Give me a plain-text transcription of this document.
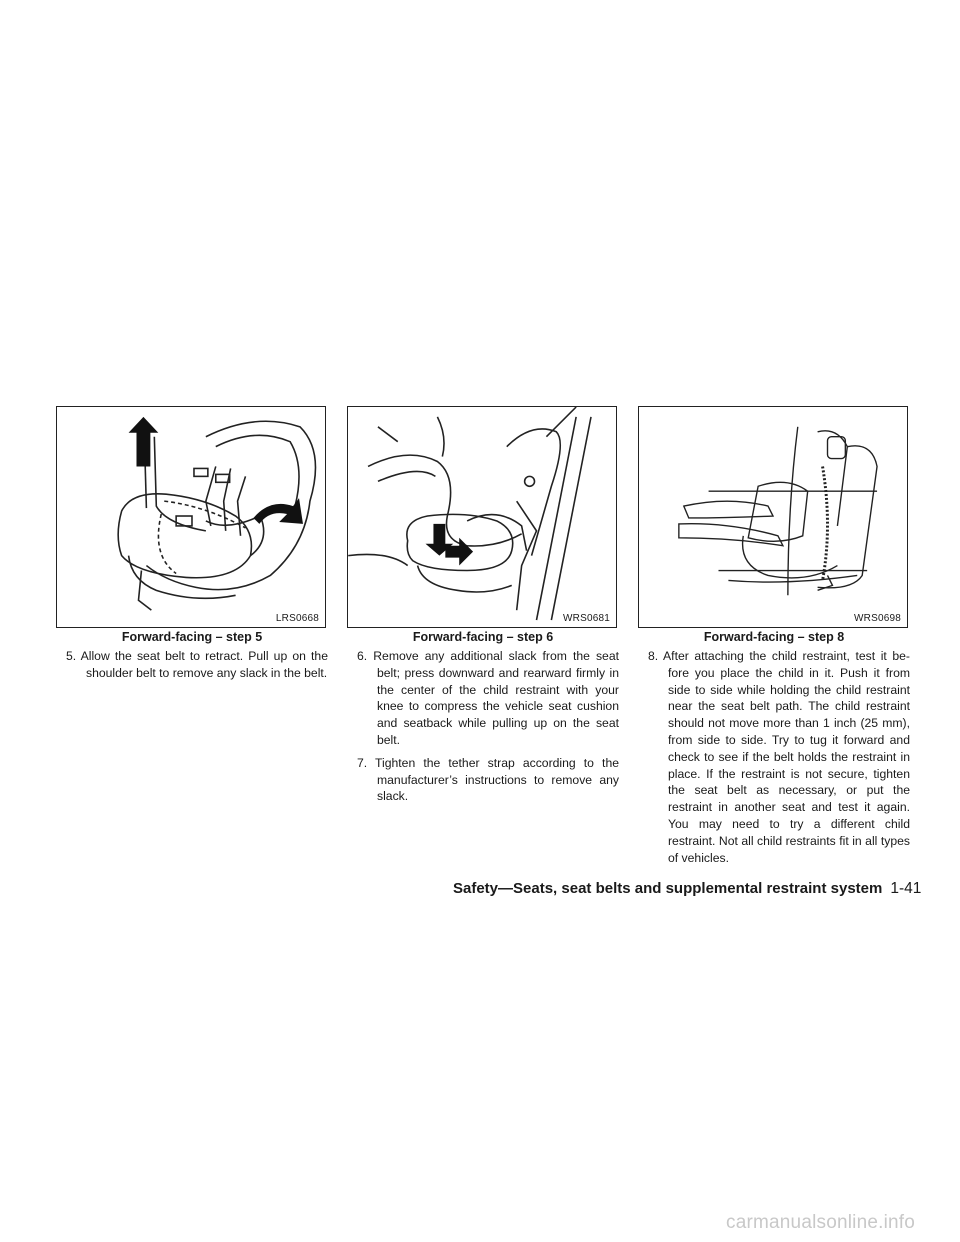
LRS0668
Forward-facing – step 5

5. Allow the seat belt to retract. Pull up on the shoulder belt to remove any slack in the belt.

WRS0681
Forward-facing – step 6

6. Remove any additional slack from the seat belt; press downward and rearward firmly in the center of the child restraint with your knee to compress the vehicle seat cushion and seatback while pulling up on the seat belt.

7. Tighten the tether strap according to the manufacturer’s instructions to remove any slack.

WRS0698
Forward-facing – step 8

8. After attaching the child restraint, test it be-fore you place the child in it. Push it from side to side while holding the child restraint near the seat belt path. The child restraint should not move more than 1 inch (25 mm), from side to side. Try to tug it forward and check to see if the belt holds the restraint in place. If the restraint is not secure, tighten the seat belt as necessary, or put the restraint in another seat and test it again. You may need to try a different child restraint. Not all child restraints fit in all types of vehicles.

Safety—Seats, seat belts and supplemental restraint system 1-41
carmanualsonline.info
